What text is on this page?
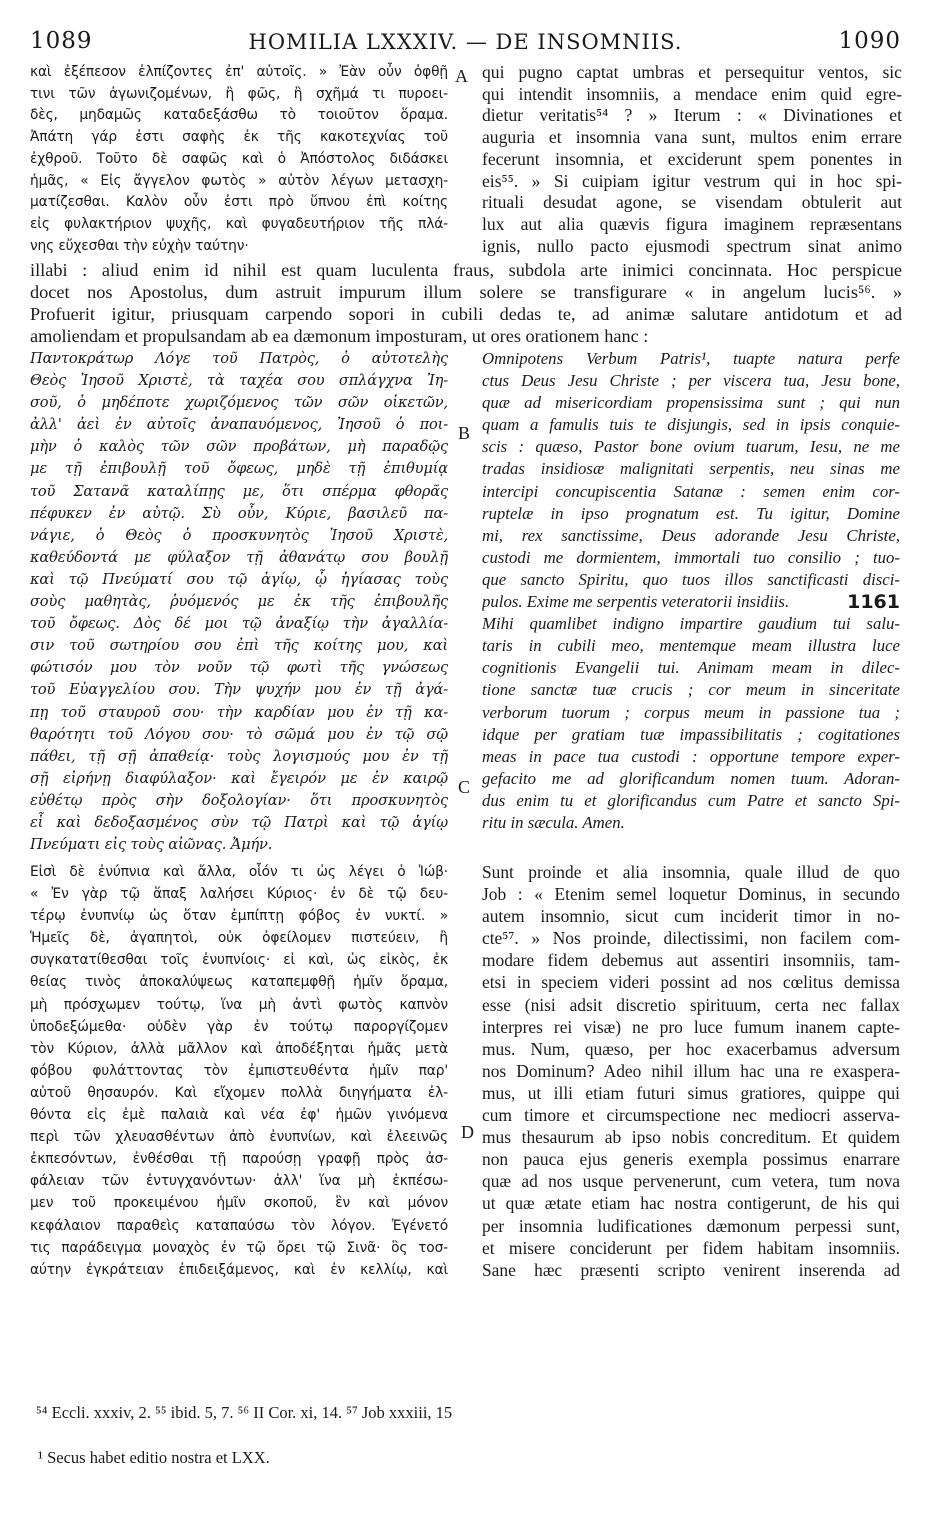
1089	HOMILIA LXXXIV. — DE INSOMNIIS.	1090
καὶ ἐξέπεσον ἐλπίζοντες ἐπ' αὐτοῖς. » Ἐὰν οὖν ὀφθῇ
τινι τῶν ἀγωνιζομένων, ἢ φῶς, ἢ σχῆμά τι πυροει-
δὲς, μηδαμῶς καταδεξάσθω τὸ τοιοῦτον ὅραμα.
Ἀπάτη γάρ ἐστι σαφὴς ἐκ τῆς κακοτεχνίας τοῦ
ἐχθροῦ. Τοῦτο δὲ σαφῶς καὶ ὁ Ἀπόστολος διδάσκει
ἡμᾶς, « Εἰς ἄγγελον φωτὸς » αὐτὸν λέγων μετασχη-
ματίζεσθαι. Καλὸν οὖν ἐστι πρὸ ὕπνου ἐπὶ κοίτης
εἰς φυλακτήριον ψυχῆς, καὶ φυγαδευτήριον τῆς πλά-
νης εὔχεσθαι τὴν εὐχὴν ταύτην·
A qui pugno captat umbras et persequitur ventos, sic
qui intendit insomniis, a mendace enim quid egre-
dietur veritatis⁵⁴ ? » Iterum : « Divinationes et
auguria et insomnia vana sunt, multos enim errare
fecerunt insomnia, et exciderunt spem ponentes in
eis⁵⁵. » Si cuipiam igitur vestrum qui in hoc spi-
rituali desudat agone, se visendam obtulerit aut
lux aut alia quævis figura imaginem repræsentans
ignis, nullo pacto ejusmodi spectrum sinat animo
illabi : aliud enim id nihil est quam luculenta fraus, subdola arte inimici concinnata. Hoc perspicue
docet nos Apostolus, dum astruit impurum illum solere se transfigurare « in angelum lucis⁵⁶. »
Profuerit igitur, priusquam carpendo sopori in cubili dedas te, ad animæ salutare antidotum et ad
amoliendam et propulsandam ab ea dæmonum imposturam, ut ores orationem hanc :
Παντοκράτωρ Λόγε τοῦ Πατρὸς, ὁ αὐτοτελὴς
Θεὸς Ἰησοῦ Χριστὲ, τὰ ταχέα σου σπλάγχνα Ἰη-
σοῦ, ὁ μηδέποτε χωριζόμενος τῶν σῶν οἰκετῶν,
ἀλλ' ἀεὶ ἐν αὐτοῖς ἀναπαυόμενος, Ἰησοῦ ὁ ποι-
μὴν ὁ καλὸς τῶν σῶν προβάτων, μὴ παραδῷς
με τῇ ἐπιβουλῇ τοῦ ὄφεως, μηδὲ τῇ ἐπιθυμίᾳ
τοῦ Σατανᾶ καταλίπῃς με, ὅτι σπέρμα φθορᾶς
πέφυκεν ἐν αὐτῷ. Σὺ οὖν, Κύριε, βασιλεῦ πα-
νάγιε, ὁ Θεὸς ὁ προσκυνητὸς Ἰησοῦ Χριστὲ,
καθεύδοντά με φύλαξον τῇ ἀθανάτῳ σου βουλῇ
καὶ τῷ Πνεύματί σου τῷ ἁγίῳ, ᾧ ἡγίασας τοὺς
σοὺς μαθητὰς, ῥυόμενός με ἐκ τῆς ἐπιβουλῆς
τοῦ ὄφεως. Δὸς δέ μοι τῷ ἀναξίῳ τὴν ἀγαλλία-
σιν τοῦ σωτηρίου σου ἐπὶ τῆς κοίτης μου, καὶ
φώτισόν μου τὸν νοῦν τῷ φωτὶ τῆς γνώσεως
τοῦ Εὐαγγελίου σου. Τὴν ψυχήν μου ἐν τῇ ἀγά-
πῃ τοῦ σταυροῦ σου· τὴν καρδίαν μου ἐν τῇ κα-
θαρότητι τοῦ Λόγου σου· τὸ σῶμά μου ἐν τῷ σῷ
πάθει, τῇ σῇ ἀπαθείᾳ· τοὺς λογισμούς μου ἐν τῇ
σῇ εἰρήνῃ διαφύλαξον· καὶ ἔγειρόν με ἐν καιρῷ
εὐθέτῳ πρὸς σὴν δοξολογίαν· ὅτι προσκυνητὸς
εἶ καὶ δεδοξασμένος σὺν τῷ Πατρὶ καὶ τῷ ἁγίῳ
Πνεύματι εἰς τοὺς αἰῶνας. Ἀμήν.
B
C
Omnipotens Verbum Patris¹, tuapte natura perfe
ctus Deus Jesu Christe ; per viscera tua, Jesu bone,
quæ ad misericordiam propensissima sunt ; qui nun
quam a famulis tuis te disjungis, sed in ipsis conquie-
scis : quæso, Pastor bone ovium tuarum, Iesu, ne me
tradas insidiosæ malignitati serpentis, neu sinas me
intercipi concupiscentia Satanæ : semen enim cor-
ruptelæ in ipso prognatum est. Tu igitur, Domine
mi, rex sanctissime, Deus adorande Jesu Christe,
custodi me dormientem, immortali tuo consilio ; tuo-
que sancto Spiritu, quo tuos illos sanctificasti disci-
pulos. Exime me serpentis veteratorii insidiis.	1161
Mihi quamlibet indigno impartire gaudium tui salu-
taris in cubili meo, mentemque meam illustra luce
cognitionis Evangelii tui. Animam meam in dilec-
tione sanctæ tuæ crucis ; cor meum in sinceritate
verborum tuorum ; corpus meum in passione tua ;
idque per gratiam tuæ impassibilitatis ; cogitationes
meas in pace tua custodi : opportune tempore exper-
gefacito me ad glorificandum nomen tuum. Adoran-
dus enim tu et glorificandus cum Patre et sancto Spi-
ritu in sæcula. Amen.
Εἰσὶ δὲ ἐνύπνια καὶ ἄλλα, οἷόν τι ὡς λέγει ὁ Ἰώβ·
« Ἐν γὰρ τῷ ἅπαξ λαλήσει Κύριος· ἐν δὲ τῷ δευ-
τέρῳ ἐνυπνίῳ ὡς ὅταν ἐμπίπτῃ φόβος ἐν νυκτί. »
Ἡμεῖς δὲ, ἀγαπητοὶ, οὐκ ὀφείλομεν πιστεύειν, ἢ
συγκατατίθεσθαι τοῖς ἐνυπνίοις· εἰ καὶ, ὡς εἰκὸς, ἐκ
θείας τινὸς ἀποκαλύψεως καταπεμφθῇ ἡμῖν ὅραμα,
μὴ πρόσχωμεν τούτῳ, ἵνα μὴ ἀντὶ φωτὸς καπνὸν
ὑποδεξώμεθα· οὐδὲν γὰρ ἐν τούτῳ παροργίζομεν
τὸν Κύριον, ἀλλὰ μᾶλλον καὶ ἀποδέξηται ἡμᾶς μετὰ
φόβου φυλάττοντας τὸν ἐμπιστευθέντα ἡμῖν παρ'
αὐτοῦ θησαυρόν. Καὶ εἴχομεν πολλὰ διηγήματα ἐλ-
θόντα εἰς ἐμὲ παλαιὰ καὶ νέα ἐφ' ἡμῶν γινόμενα
περὶ τῶν χλευασθέντων ἀπὸ ἐνυπνίων, καὶ ἐλεεινῶς
ἐκπεσόντων, ἐνθέσθαι τῇ παρούσῃ γραφῇ πρὸς ἀσ-
φάλειαν τῶν ἐντυγχανόντων· ἀλλ' ἵνα μὴ ἐκπέσω-
μεν τοῦ προκειμένου ἡμῖν σκοποῦ, ἓν καὶ μόνον
κεφάλαιον παραθεὶς καταπαύσω τὸν λόγον. Ἐγένετό
τις παράδειγμα μοναχὸς ἐν τῷ ὄρει τῷ Σινᾶ· ὃς τοσ-
αύτην ἐγκράτειαν ἐπιδειξάμενος, καὶ ἐν κελλίῳ, καὶ
D
Sunt proinde et alia insomnia, quale illud de quo
Job : « Etenim semel loquetur Dominus, in secundo
autem insomnio, sicut cum inciderit timor in no-
cte⁵⁷. » Nos proinde, dilectissimi, non facilem com-
modare fidem debemus aut assentiri insomniis, tam-
etsi in speciem videri possint ad nos cœlitus demissa
esse (nisi adsit discretio spirituum, certa nec fallax
interpres rei visæ) ne pro luce fumum inanem capte-
mus. Num, quæso, per hoc exacerbamus adversum
nos Dominum? Adeo nihil illum hac una re exaspera-
mus, ut illi etiam futuri simus gratiores, quippe qui
cum timore et circumspectione nec mediocri asserva-
mus thesaurum ab ipso nobis concreditum. Et quidem
non pauca ejus generis exempla possimus enarrare
quæ ad nos usque pervenerunt, cum vetera, tum nova
ut quæ ætate etiam hac nostra contigerunt, de his qui
per insomnia ludificationes dæmonum perpessi sunt,
et misere conciderunt per fidem habitam insomniis.
Sane hæc præsenti scripto venirent inserenda ad
⁵⁴ Eccli. xxxiv, 2. ⁵⁵ ibid. 5, 7. ⁵⁶ II Cor. xi, 14. ⁵⁷ Job xxxiii, 15
¹ Secus habet editio nostra et LXX.
